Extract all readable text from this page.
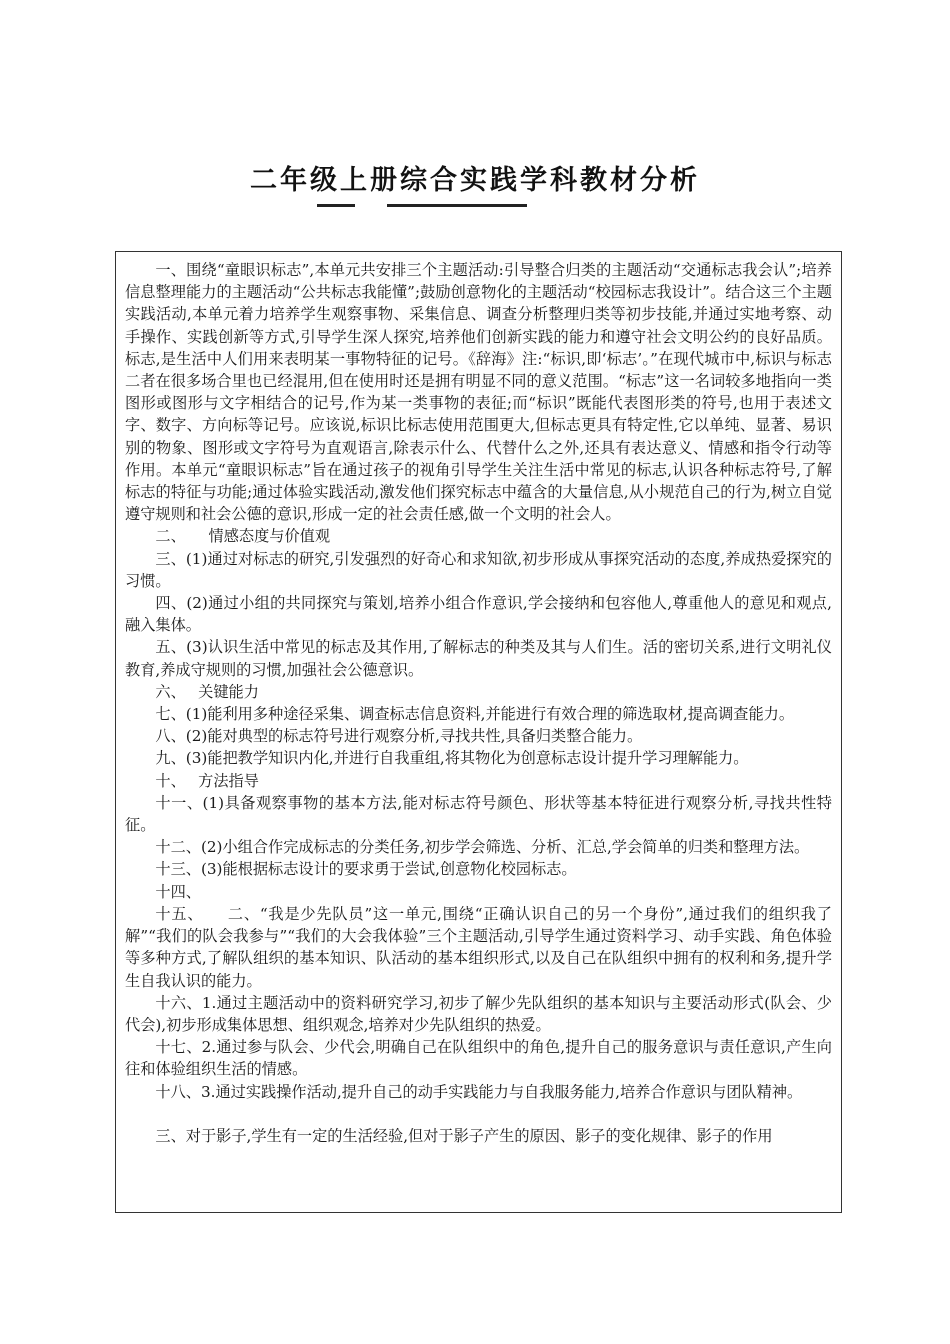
二年级上册综合实践学科教材分析

一、围绕“童眼识标志”,本单元共安排三个主题活动:引导整合归类的主题活动“交通标志我会认”;培养信息整理能力的主题活动“公共标志我能懂”;鼓励创意物化的主题活动“校园标志我设计”。结合这三个主题实践活动,本单元着力培养学生观察事物、采集信息、调查分析整理归类等初步技能,并通过实地考察、动手操作、实践创新等方式,引导学生深人探究,培养他们创新实践的能力和遵守社会文明公约的良好品质。标志,是生活中人们用来表明某一事物特征的记号。《辞海》注:“标识,即‘标志’。”在现代城市中,标识与标志二者在很多场合里也已经混用,但在使用时还是拥有明显不同的意义范围。“标志”这一名词较多地指向一类图形或图形与文字相结合的记号,作为某一类事物的表征;而“标识”既能代表图形类的符号,也用于表述文字、数字、方向标等记号。应该说,标识比标志使用范围更大,但标志更具有特定性,它以单纯、显著、易识别的物象、图形或文字符号为直观语言,除表示什么、代替什么之外,还具有表达意义、情感和指令行动等作用。本单元“童眼识标志”旨在通过孩子的视角引导学生关注生活中常见的标志,认识各种标志符号,了解标志的特征与功能;通过体验实践活动,激发他们探究标志中蕴含的大量信息,从小规范自己的行为,树立自觉遵守规则和社会公德的意识,形成一定的社会责任感,做一个文明的社会人。

二、　　情感态度与价值观

三、(1)通过对标志的研究,引发强烈的好奇心和求知欲,初步形成从事探究活动的态度,养成热爱探究的习惯。

四、(2)通过小组的共同探究与策划,培养小组合作意识,学会接纳和包容他人,尊重他人的意见和观点,融入集体。

五、(3)认识生活中常见的标志及其作用,了解标志的种类及其与人们生。活的密切关系,进行文明礼仪教育,养成守规则的习惯,加强社会公德意识。

六、　 关键能力

七、(1)能利用多种途径采集、调查标志信息资料,并能进行有效合理的筛选取材,提高调查能力。

八、(2)能对典型的标志符号进行观察分析,寻找共性,具备归类整合能力。

九、(3)能把教学知识内化,并进行自我重组,将其物化为创意标志设计提升学习理解能力。

十、　 方法指导

十一、(1)具备观察事物的基本方法,能对标志符号颜色、形状等基本特征进行观察分析,寻找共性特征。

十二、(2)小组合作完成标志的分类任务,初步学会筛选、分析、汇总,学会简单的归类和整理方法。

十三、(3)能根据标志设计的要求勇于尝试,创意物化校园标志。

十四、

十五、　　二、“我是少先队员”这一单元,围绕“正确认识自己的另一个身份”,通过我们的组织我了解”“我们的队会我参与”“我们的大会我体验”三个主题活动,引导学生通过资料学习、动手实践、角色体验等多种方式,了解队组织的基本知识、队活动的基本组织形式,以及自己在队组织中拥有的权利和务,提升学生自我认识的能力。

十六、1.通过主题活动中的资料研究学习,初步了解少先队组织的基本知识与主要活动形式(队会、少代会),初步形成集体思想、组织观念,培养对少先队组织的热爱。

十七、2.通过参与队会、少代会,明确自己在队组织中的角色,提升自己的服务意识与责任意识,产生向往和体验组织生活的情感。

十八、3.通过实践操作活动,提升自己的动手实践能力与自我服务能力,培养合作意识与团队精神。

三、对于影子,学生有一定的生活经验,但对于影子产生的原因、影子的变化规律、影子的作用
